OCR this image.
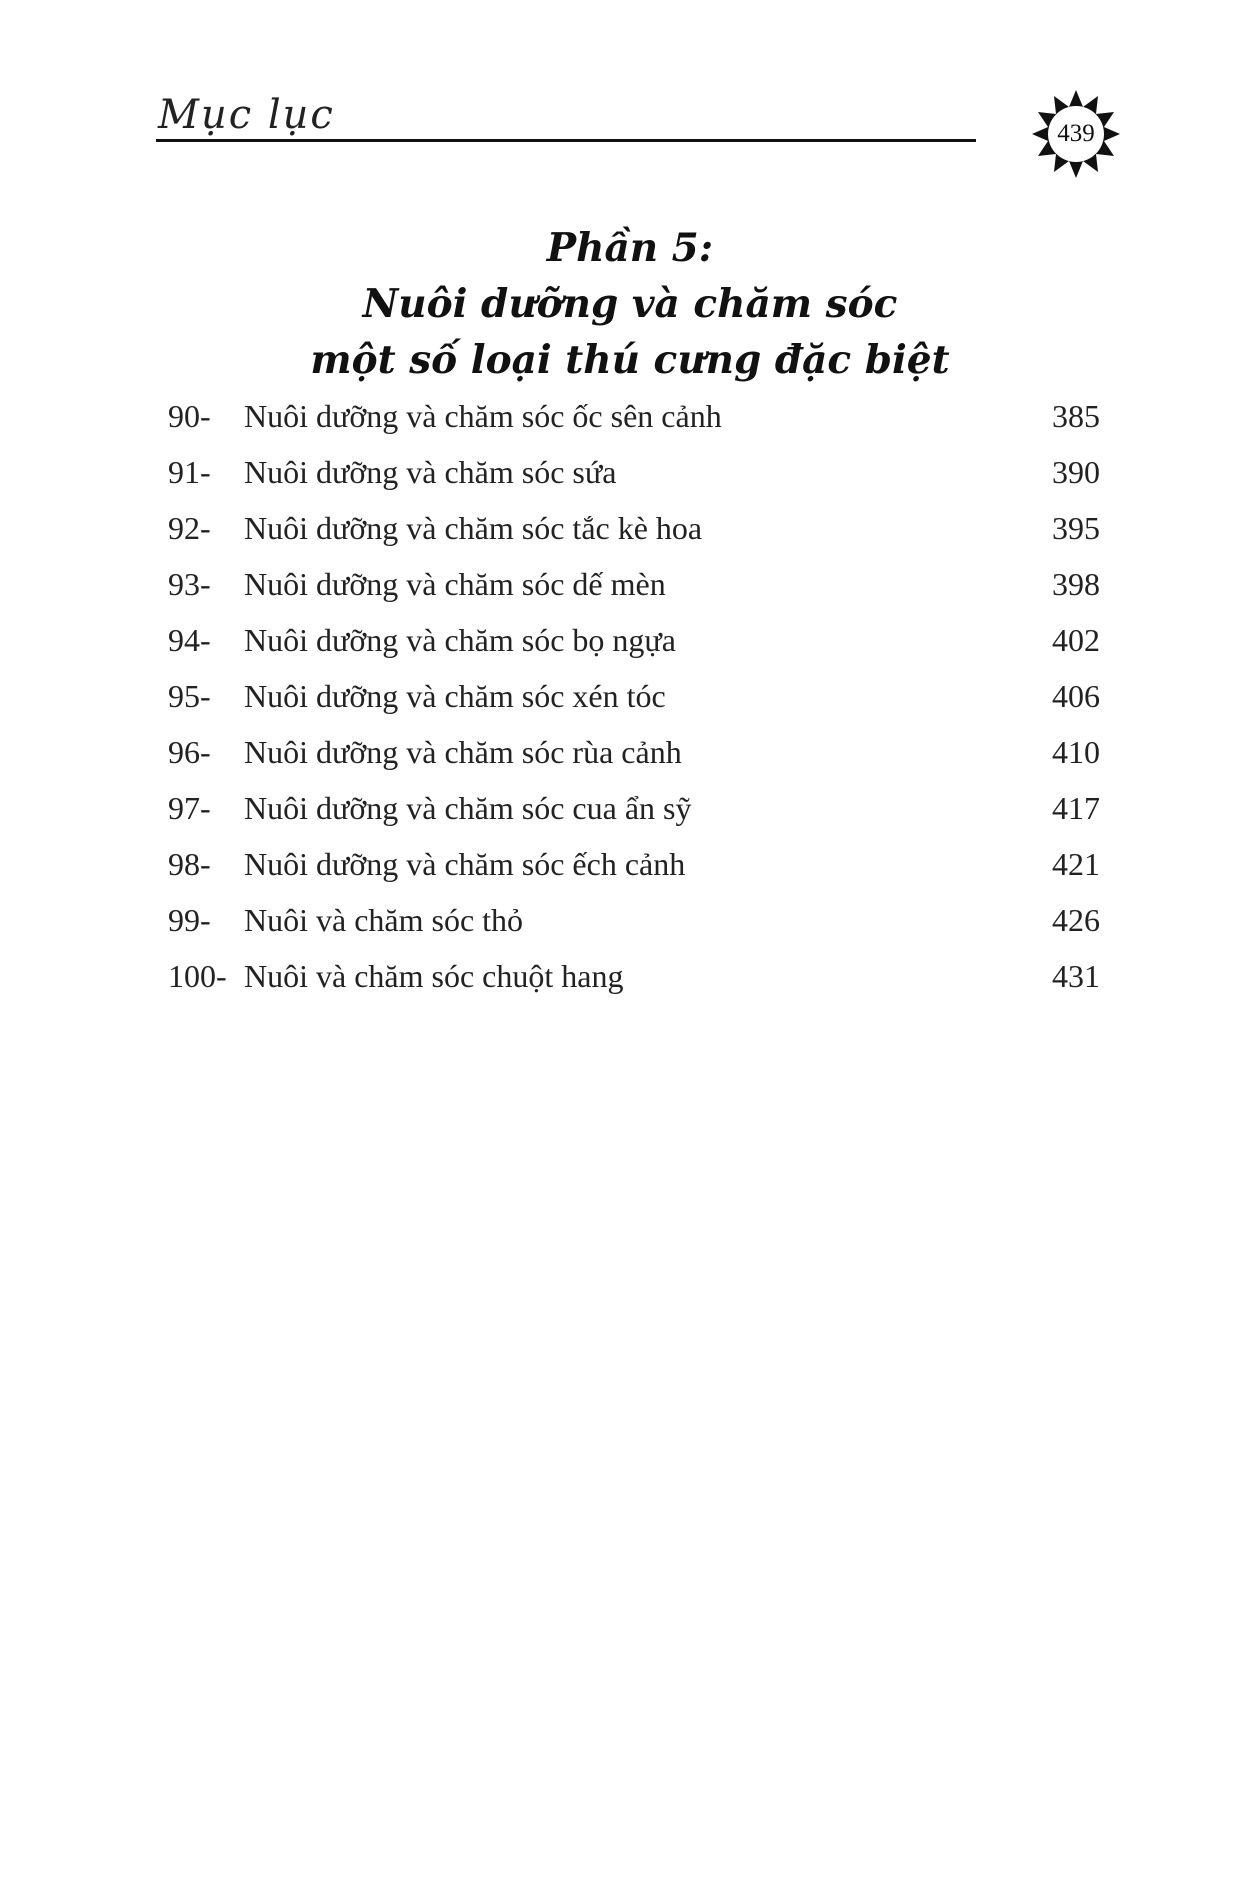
Mục lục	439
Phần 5:
Nuôi dưỡng và chăm sóc
một số loại thú cưng đặc biệt
90-	Nuôi dưỡng và chăm sóc ốc sên cảnh	385
91-	Nuôi dưỡng và chăm sóc sứa	390
92-	Nuôi dưỡng và chăm sóc tắc kè hoa	395
93-	Nuôi dưỡng và chăm sóc dế mèn	398
94-	Nuôi dưỡng và chăm sóc bọ ngựa	402
95-	Nuôi dưỡng và chăm sóc xén tóc	406
96-	Nuôi dưỡng và chăm sóc rùa cảnh	410
97-	Nuôi dưỡng và chăm sóc cua ẩn sỹ	417
98-	Nuôi dưỡng và chăm sóc ếch cảnh	421
99-	Nuôi và chăm sóc thỏ	426
100- Nuôi và chăm sóc chuột hang	431
